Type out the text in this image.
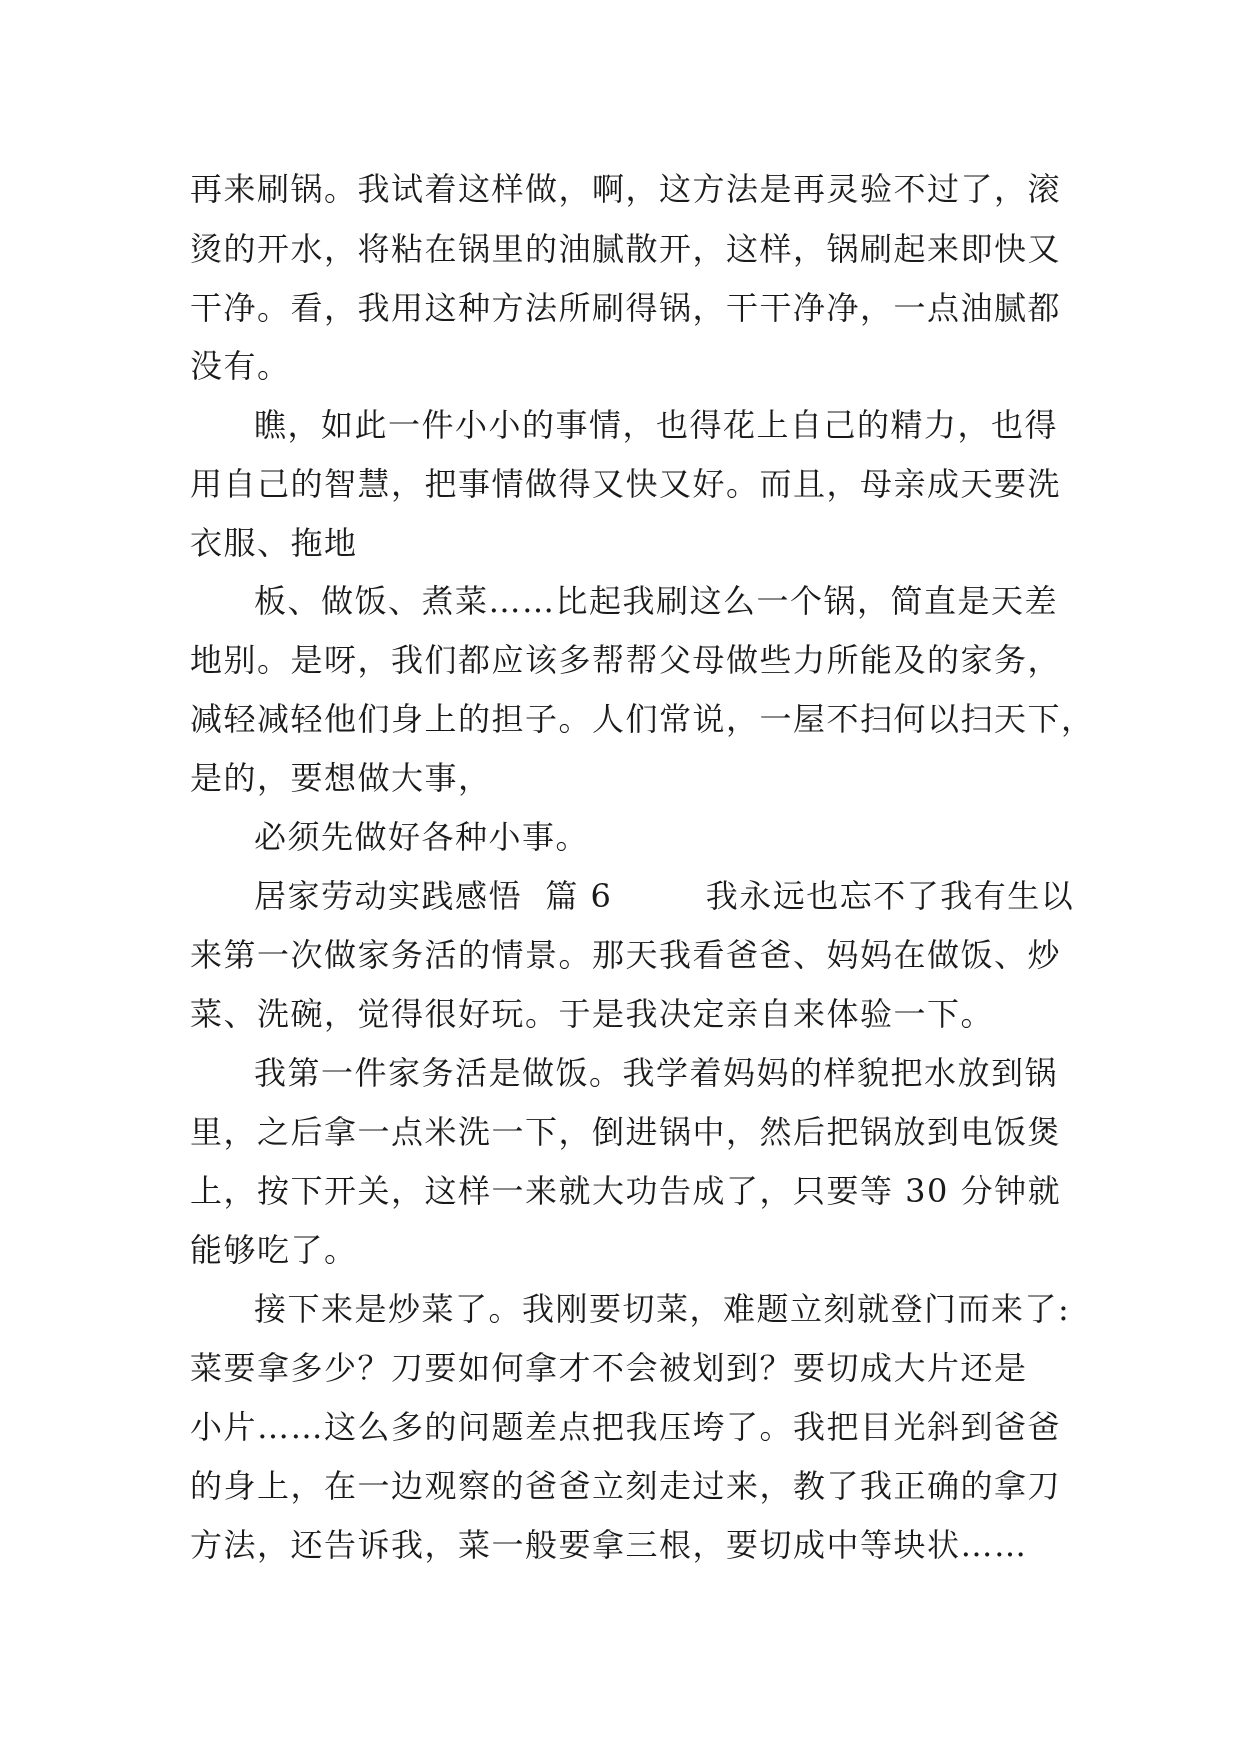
再来刷锅。我试着这样做，啊，这方法是再灵验不过了，滚
烫的开水，将粘在锅里的油腻散开，这样，锅刷起来即快又
干净。看，我用这种方法所刷得锅，干干净净，一点油腻都
没有。
瞧，如此一件小小的事情，也得花上自己的精力，也得
用自己的智慧，把事情做得又快又好。而且，母亲成天要洗
衣服、拖地
板、做饭、煮菜……比起我刷这么一个锅，简直是天差
地别。是呀，我们都应该多帮帮父母做些力所能及的家务，
减轻减轻他们身上的担子。人们常说，一屋不扫何以扫天下，
是的，要想做大事，
必须先做好各种小事。
居家劳动实践感悟  篇 6        我永远也忘不了我有生以
来第一次做家务活的情景。那天我看爸爸、妈妈在做饭、炒
菜、洗碗，觉得很好玩。于是我决定亲自来体验一下。
我第一件家务活是做饭。我学着妈妈的样貌把水放到锅
里，之后拿一点米洗一下，倒进锅中，然后把锅放到电饭煲
上，按下开关，这样一来就大功告成了，只要等 30 分钟就
能够吃了。
接下来是炒菜了。我刚要切菜，难题立刻就登门而来了:
菜要拿多少？刀要如何拿才不会被划到？要切成大片还是
小片……这么多的问题差点把我压垮了。我把目光斜到爸爸
的身上，在一边观察的爸爸立刻走过来，教了我正确的拿刀
方法，还告诉我，菜一般要拿三根，要切成中等块状……
